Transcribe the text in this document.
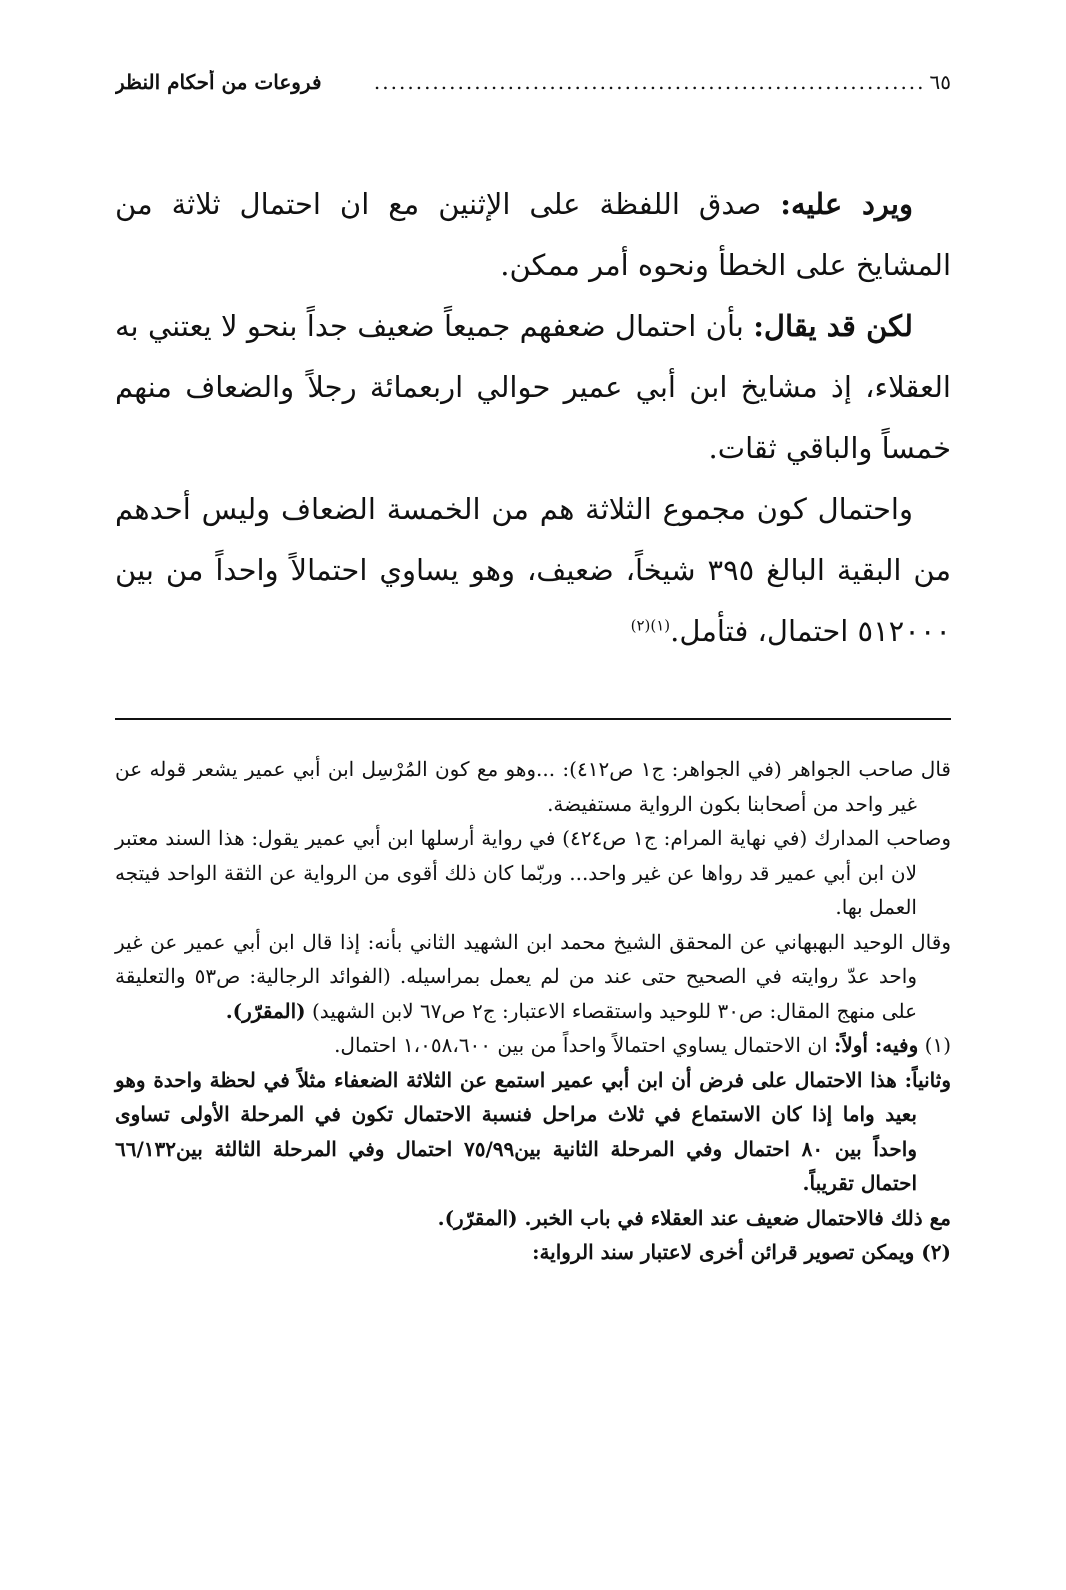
٦٥
..................................................................
فروعات من أحكام النظر

ويرد عليه: صدق اللفظة على الإثنين مع ان احتمال ثلاثة من المشايخ على الخطأ ونحوه أمر ممكن.

لكن قد يقال: بأن احتمال ضعفهم جميعاً ضعيف جداً بنحو لا يعتني به العقلاء، إذ مشايخ ابن أبي عمير حوالي اربعمائة رجلاً والضعاف منهم خمساً والباقي ثقات.

واحتمال كون مجموع الثلاثة هم من الخمسة الضعاف وليس أحدهم من البقية البالغ ٣٩٥ شيخاً، ضعيف، وهو يساوي احتمالاً واحداً من بين ٥١٢٠٠٠ احتمال، فتأمل.$^{(١)(٢)}$

قال صاحب الجواهر (في الجواهر: ج١ ص٤١٢): ...وهو مع كون المُرْسِل ابن أبي عمير يشعر قوله عن غير واحد من أصحابنا بكون الرواية مستفيضة.

وصاحب المدارك (في نهاية المرام: ج١ ص٤٢٤) في رواية أرسلها ابن أبي عمير يقول: هذا السند معتبر لان ابن أبي عمير قد رواها عن غير واحد... وربّما كان ذلك أقوى من الرواية عن الثقة الواحد فيتجه العمل بها.

وقال الوحيد البهبهاني عن المحقق الشيخ محمد ابن الشهيد الثاني بأنه: إذا قال ابن أبي عمير عن غير واحد عدّ روايته في الصحيح حتى عند من لم يعمل بمراسيله. (الفوائد الرجالية: ص٥٣ والتعليقة على منهج المقال: ص٣٠ للوحيد واستقصاء الاعتبار: ج٢ ص٦٧ لابن الشهيد) (المقرّر).

(١) وفيه: أولاً: ان الاحتمال يساوي احتمالاً واحداً من بين ١،٠٥٨،٦٠٠ احتمال.

وثانياً: هذا الاحتمال على فرض أن ابن أبي عمير استمع عن الثلاثة الضعفاء مثلاً في لحظة واحدة وهو بعيد واما إذا كان الاستماع في ثلاث مراحل فنسبة الاحتمال تكون في المرحلة الأولى تساوى واحداً بين ٨٠ احتمال وفي المرحلة الثانية بين٧٥/٩٩ احتمال وفي المرحلة الثالثة بين٦٦/١٣٢ احتمال تقريباً.

مع ذلك فالاحتمال ضعيف عند العقلاء في باب الخبر. (المقرّر).

(٢) ويمكن تصوير قرائن أخرى لاعتبار سند الرواية:
